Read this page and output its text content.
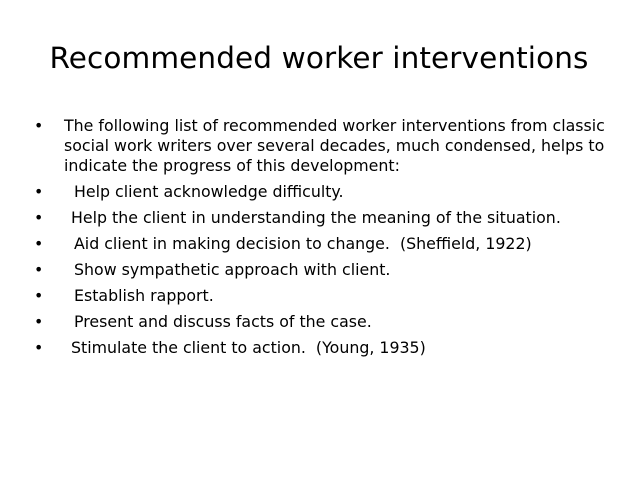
Recommended worker interventions
• The following list of recommended worker interventions from classic social work writers over several decades, much condensed, helps to indicate the progress of this development:
•	Help client acknowledge difficulty.
•	Help the client in understanding the meaning of the situation.
•	Aid client in making decision to change.  (Sheffield, 1922)
•	Show sympathetic approach with client.
•	Establish rapport.
•	Present and discuss facts of the case.
•	Stimulate the client to action.  (Young, 1935)
